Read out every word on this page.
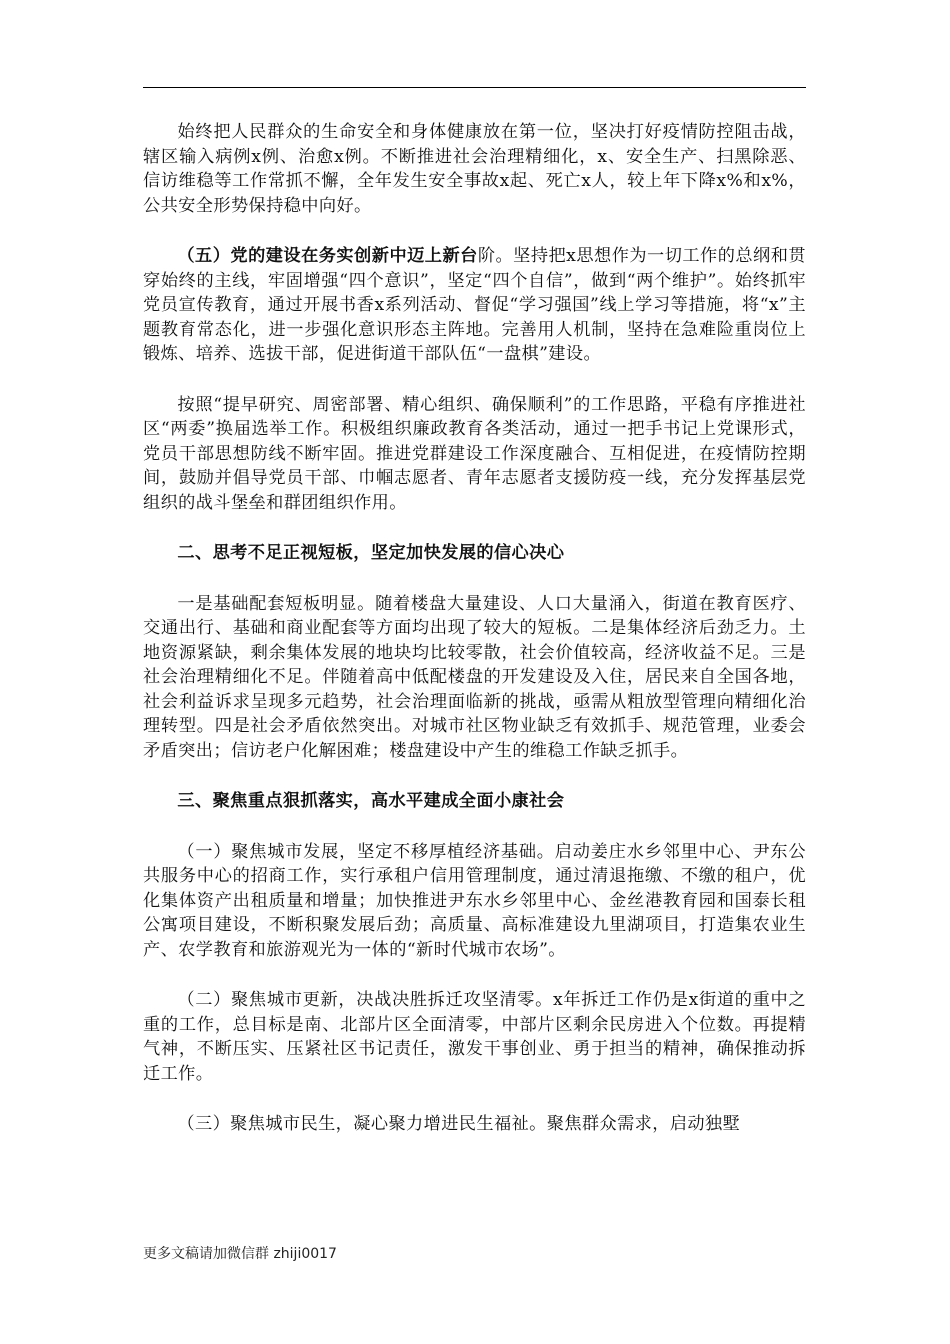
始终把人民群众的生命安全和身体健康放在第一位，坚决打好疫情防控阻击战，辖区输入病例x例、治愈x例。不断推进社会治理精细化，x、安全生产、扫黑除恶、信访维稳等工作常抓不懈，全年发生安全事故x起、死亡x人，较上年下降x%和x%，公共安全形势保持稳中向好。

（五）党的建设在务实创新中迈上新台阶。坚持把x思想作为一切工作的总纲和贯穿始终的主线，牢固增强“四个意识”，坚定“四个自信”，做到“两个维护”。始终抓牢党员宣传教育，通过开展书香x系列活动、督促“学习强国”线上学习等措施，将“x”主题教育常态化，进一步强化意识形态主阵地。完善用人机制，坚持在急难险重岗位上锻炼、培养、选拔干部，促进街道干部队伍“一盘棋”建设。

按照“提早研究、周密部署、精心组织、确保顺利”的工作思路，平稳有序推进社区“两委”换届选举工作。积极组织廉政教育各类活动，通过一把手书记上党课形式，党员干部思想防线不断牢固。推进党群建设工作深度融合、互相促进，在疫情防控期间，鼓励并倡导党员干部、巾帼志愿者、青年志愿者支援防疫一线，充分发挥基层党组织的战斗堡垒和群团组织作用。

二、思考不足正视短板，坚定加快发展的信心决心

一是基础配套短板明显。随着楼盘大量建设、人口大量涌入，街道在教育医疗、交通出行、基础和商业配套等方面均出现了较大的短板。二是集体经济后劲乏力。土地资源紧缺，剩余集体发展的地块均比较零散，社会价值较高，经济收益不足。三是社会治理精细化不足。伴随着高中低配楼盘的开发建设及入住，居民来自全国各地，社会利益诉求呈现多元趋势，社会治理面临新的挑战，亟需从粗放型管理向精细化治理转型。四是社会矛盾依然突出。对城市社区物业缺乏有效抓手、规范管理，业委会矛盾突出；信访老户化解困难；楼盘建设中产生的维稳工作缺乏抓手。

三、聚焦重点狠抓落实，高水平建成全面小康社会

（一）聚焦城市发展，坚定不移厚植经济基础。启动姜庄水乡邻里中心、尹东公共服务中心的招商工作，实行承租户信用管理制度，通过清退拖缴、不缴的租户，优化集体资产出租质量和增量；加快推进尹东水乡邻里中心、金丝港教育园和国泰长租公寓项目建设，不断积聚发展后劲；高质量、高标准建设九里湖项目，打造集农业生产、农学教育和旅游观光为一体的“新时代城市农场”。

（二）聚焦城市更新，决战决胜拆迁攻坚清零。x年拆迁工作仍是x街道的重中之重的工作，总目标是南、北部片区全面清零，中部片区剩余民房进入个位数。再提精气神，不断压实、压紧社区书记责任，激发干事创业、勇于担当的精神，确保推动拆迁工作。

（三）聚焦城市民生，凝心聚力增进民生福祉。聚焦群众需求，启动独墅

更多文稿请加微信群 zhiji0017
